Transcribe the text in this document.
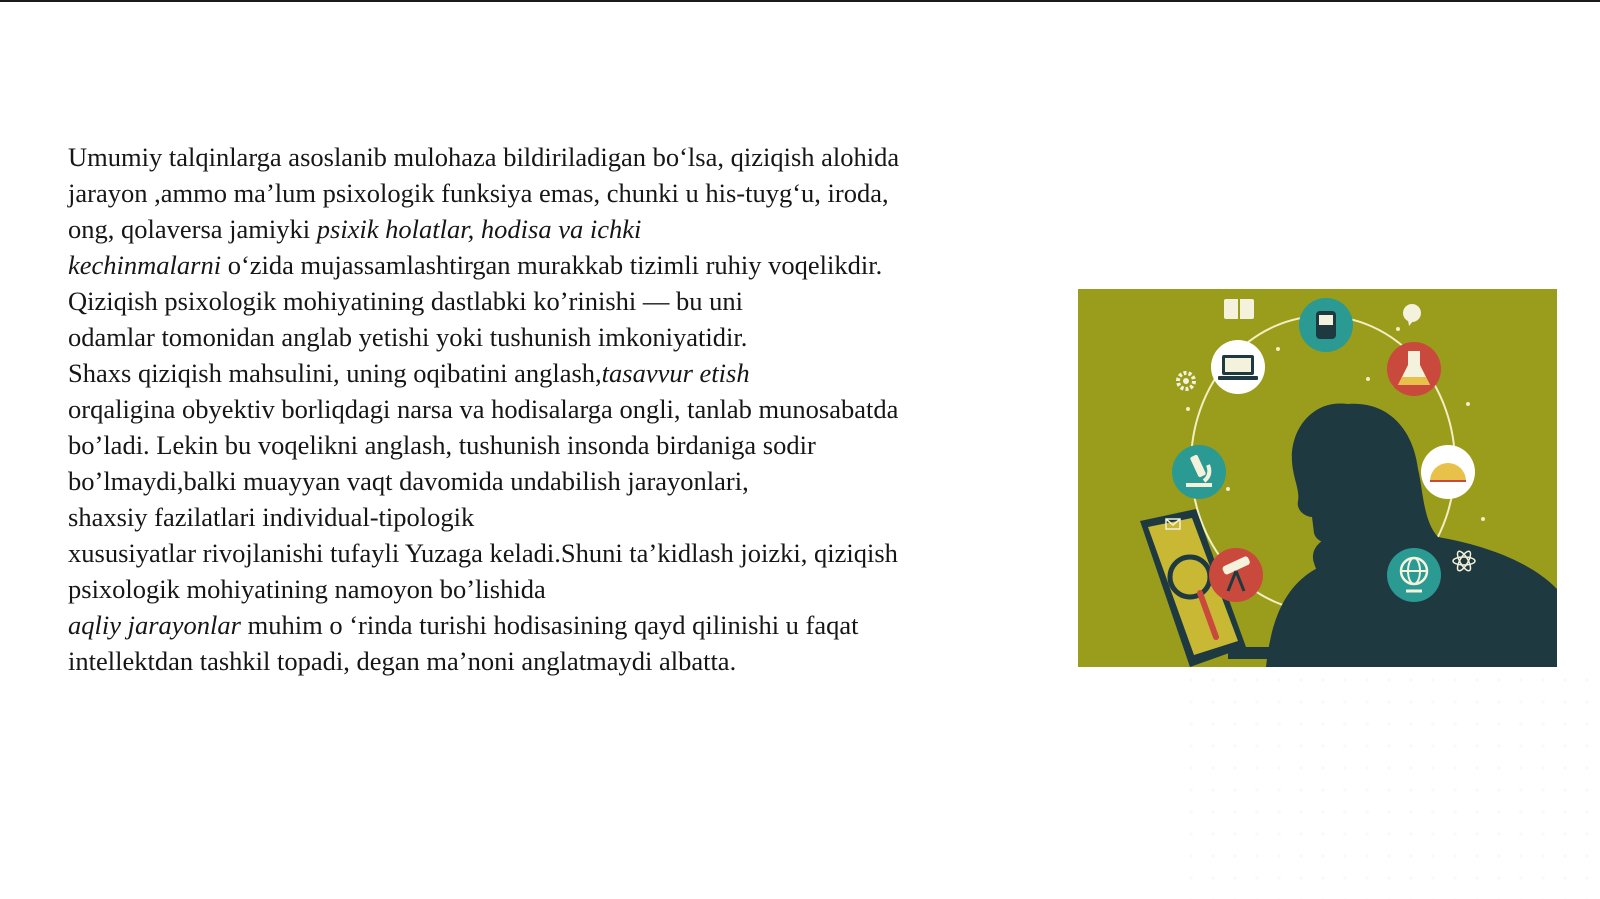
Umumiy talqinlarga asoslanib mulohaza bildiriladigan bo‘lsa, qiziqish alohida
jarayon ,ammo ma’lum psixologik funksiya emas, chunki u his-tuyg‘u, iroda,
ong, qolaversa jamiyki psixik holatlar, hodisa va ichki
kechinmalarni o‘zida mujassamlashtirgan murakkab tizimli ruhiy voqelikdir.
Qiziqish psixologik mohiyatining dastlabki ko’rinishi — bu uni
odamlar tomonidan anglab yetishi yoki tushunish imkoniyatidir.
Shaxs qiziqish mahsulini, uning oqibatini anglash,tasavvur etish
orqaligina obyektiv borliqdagi narsa va hodisalarga ongli, tanlab munosabatda
bo’ladi. Lekin bu voqelikni anglash, tushunish insonda birdaniga sodir
bo’lmaydi,balki muayyan vaqt davomida undabilish jarayonlari,
shaxsiy fazilatlari individual-tipologik
xususiyatlar rivojlanishi tufayli Yuzaga keladi.Shuni ta’kidlash joizki, qiziqish
psixologik mohiyatining namoyon bo’lishida
aqliy jarayonlar muhim o ‘rinda turishi hodisasining qayd qilinishi u faqat
intellektdan tashkil topadi, degan ma’noni anglatmaydi albatta.
